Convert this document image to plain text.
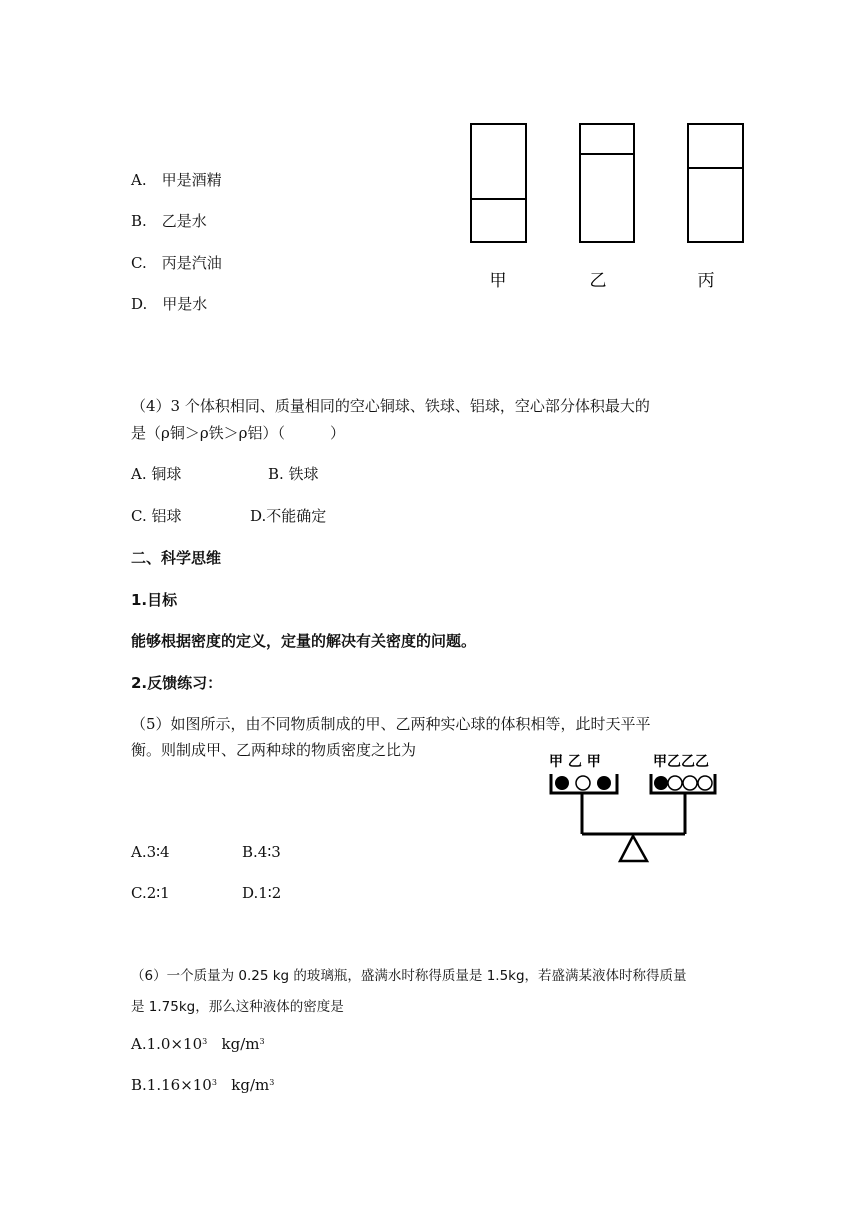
A.　甲是酒精
B.　乙是水
C.　丙是汽油
D.　甲是水
甲	乙	丙
（4）3 个体积相同、质量相同的空心铜球、铁球、铝球，空心部分体积最大的
是（ρ铜＞ρ铁＞ρ铝）（　　　）
A. 铜球	B. 铁球
C. 铝球	D.不能确定
二、科学思维
1.目标
能够根据密度的定义，定量的解决有关密度的问题。
2.反馈练习：
（5）如图所示，由不同物质制成的甲、乙两种实心球的体积相等，此时天平平
衡。则制成甲、乙两种球的物质密度之比为
甲 乙 甲	甲乙乙乙
A.3∶4	B.4∶3
C.2∶1	D.1∶2
（6）一个质量为 0.25 kg 的玻璃瓶，盛满水时称得质量是 1.5kg，若盛满某液体时称得质量
是 1.75kg，那么这种液体的密度是
$A.1.0\times 10^3$ $kg/m^3$
$B.1.16\times 10^3$ $kg/m^3$
